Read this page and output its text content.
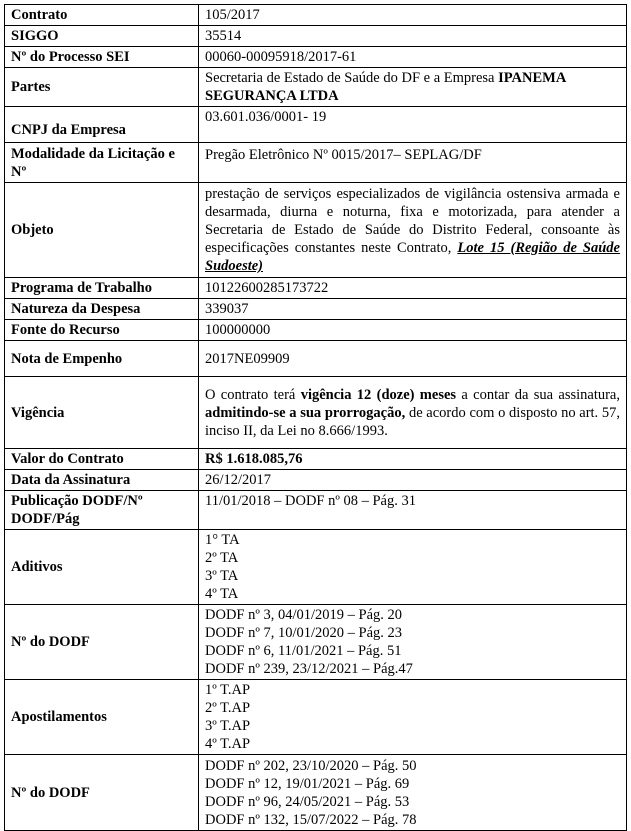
Contrato	105/2017
SIGGO	35514
Nº do Processo SEI	00060-00095918/2017-61
Partes	Secretaria de Estado de Saúde do DF e a Empresa IPANEMA SEGURANÇA LTDA
CNPJ da Empresa	03.601.036/0001- 19
Modalidade da Licitação e Nº	Pregão Eletrônico Nº 0015/2017– SEPLAG/DF
Objeto	prestação de serviços especializados de vigilância ostensiva armada e desarmada, diurna e noturna, fixa e motorizada, para atender a Secretaria de Estado de Saúde do Distrito Federal, consoante às especificações constantes neste Contrato, Lote 15 (Região de Saúde Sudoeste)
Programa de Trabalho	10122600285173722
Natureza da Despesa	339037
Fonte do Recurso	100000000
Nota de Empenho	2017NE09909
Vigência	O contrato terá vigência 12 (doze) meses a contar da sua assinatura, admitindo-se a sua prorrogação, de acordo com o disposto no art. 57, inciso II, da Lei no 8.666/1993.
Valor do Contrato	R$ 1.618.085,76
Data da Assinatura	26/12/2017
Publicação DODF/Nº DODF/Pág	11/01/2018 – DODF nº 08 – Pág. 31
Aditivos	1° TA
2º TA
3º TA
4º TA

Nº do DODF	DODF nº 3, 04/01/2019 – Pág. 20
DODF nº 7, 10/01/2020 – Pág. 23
DODF nº 6, 11/01/2021 – Pág. 51
DODF nº 239, 23/12/2021 – Pág.47

Apostilamentos	1º T.AP
2º T.AP
3º T.AP
4º T.AP

Nº do DODF	DODF nº 202, 23/10/2020 – Pág. 50
DODF nº 12, 19/01/2021 – Pág. 69
DODF nº 96, 24/05/2021 – Pág. 53
DODF nº 132, 15/07/2022 – Pág. 78
